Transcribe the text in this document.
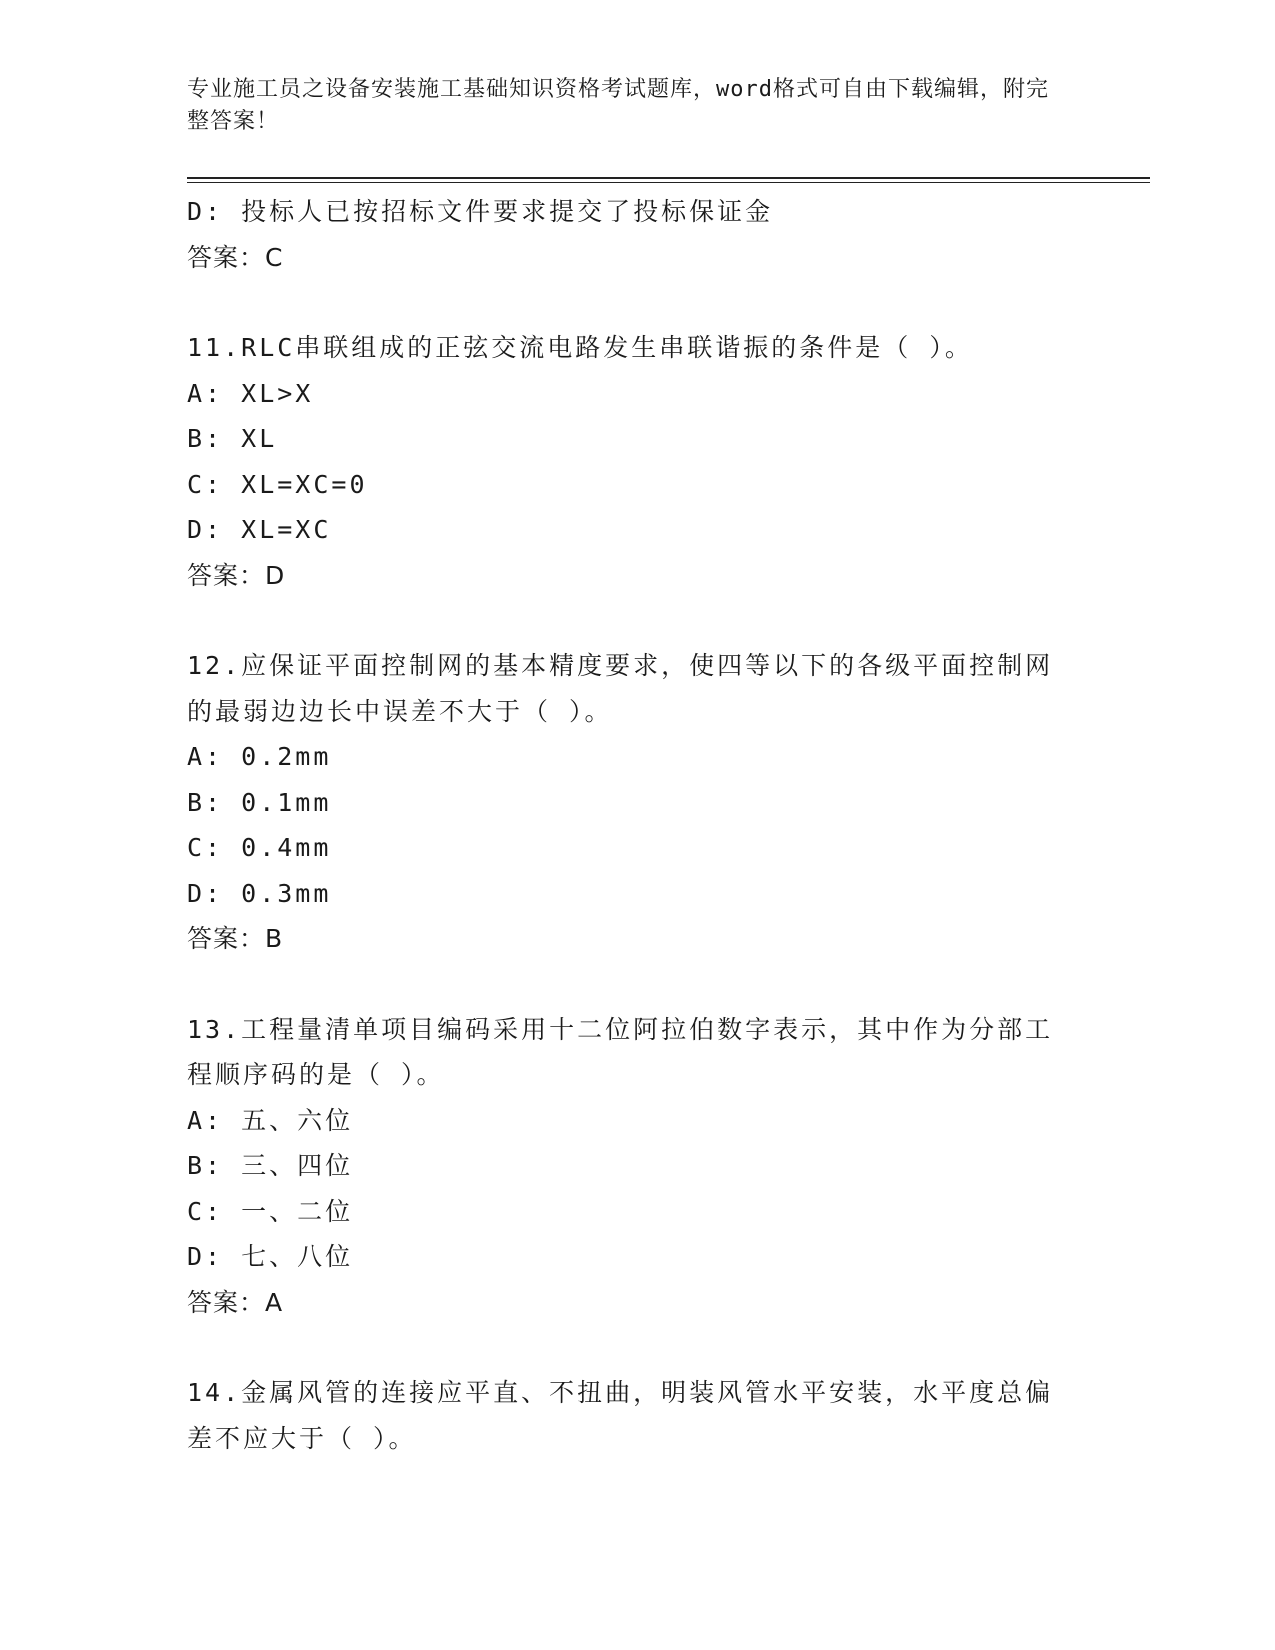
专业施工员之设备安装施工基础知识资格考试题库，word格式可自由下载编辑，附完整答案！
D: 投标人已按招标文件要求提交了投标保证金
答案：C
11.RLC串联组成的正弦交流电路发生串联谐振的条件是（ ）。
A: XL>X
B: XL
C: XL=XC=0
D: XL=XC
答案：D
12.应保证平面控制网的基本精度要求，使四等以下的各级平面控制网的最弱边边长中误差不大于（ ）。
A: 0.2mm
B: 0.1mm
C: 0.4mm
D: 0.3mm
答案：B
13.工程量清单项目编码采用十二位阿拉伯数字表示，其中作为分部工程顺序码的是（ ）。
A: 五、六位
B: 三、四位
C: 一、二位
D: 七、八位
答案：A
14.金属风管的连接应平直、不扭曲，明装风管水平安装，水平度总偏差不应大于（ ）。
